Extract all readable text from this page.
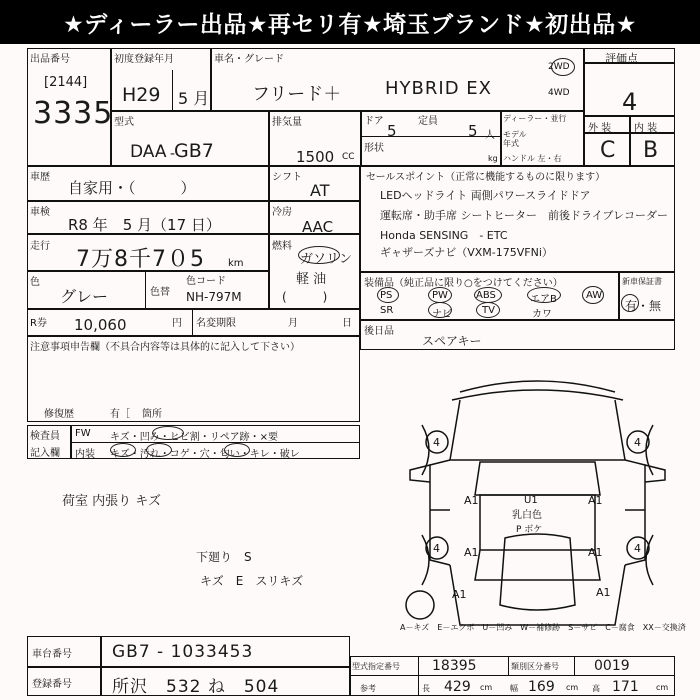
★ディーラー出品★再セリ有★埼玉ブランド★初出品★
出品番号
[2144]
3335
初度登録年月
H29 5 月
車名・グレード
フリード＋ HYBRID EX
2WD
4WD
評価点
4
外 装 内 装
C B
型式
DAA GB7
-
排気量
1500 CC
ドア
5
定員
5 人
形状
kg
ディーラー・並行
モデル年式
ハンドル 左・右
車歴
自家用・（　　　）
シフト
AT
車検
R8 年　5 月（17 日）
冷房
AAC
走行
7万8千7０5 km
燃料
ガソリン
軽 油
(　　　)
色
グレー	色替
色コード
NH-797M
R券 10,060	円 名変期限	月	日
セールスポイント（正常に機能するものに限ります）
LEDヘッドライト 両側パワースライドドア
運転席・助手席 シートヒーター　前後ドライブレコーダー
Honda SENSING　- ETC
ギャザーズナビ（VXM-175VFNi）
装備品（純正品に限り○をつけてください）	新車保証書
有・無
PS	PW	ABS	エアB	AW
SR	ナビ	TV	カワ
後日品
スペアキー
注意事項申告欄（不具合内容等は具体的に記入して下さい）
修復歴	有［ 箇所
検査員
記入欄
FW キズ・凹み・ヒビ割・リペア跡・×要
内装 キズ・汚れ・コゲ・穴・匂い・キレ・破レ
荷室 内張り キズ
下廻り　S
キズ　E　スリキズ
4	4
4	4
A1	A1
A1	A1
A1	A1
U1
乳白色
P ボケ
A－キズ　E－エクボ　U－凹み　W－補修跡　S－サビ　C－腐食　XX－交換済
車台番号 GB7 - 1033453
登録番号 所沢　532 ね　504
型式指定番号 18395	類別区分番号	0019
参考	長 429 cm 幅 169 cm 高 171 cm
